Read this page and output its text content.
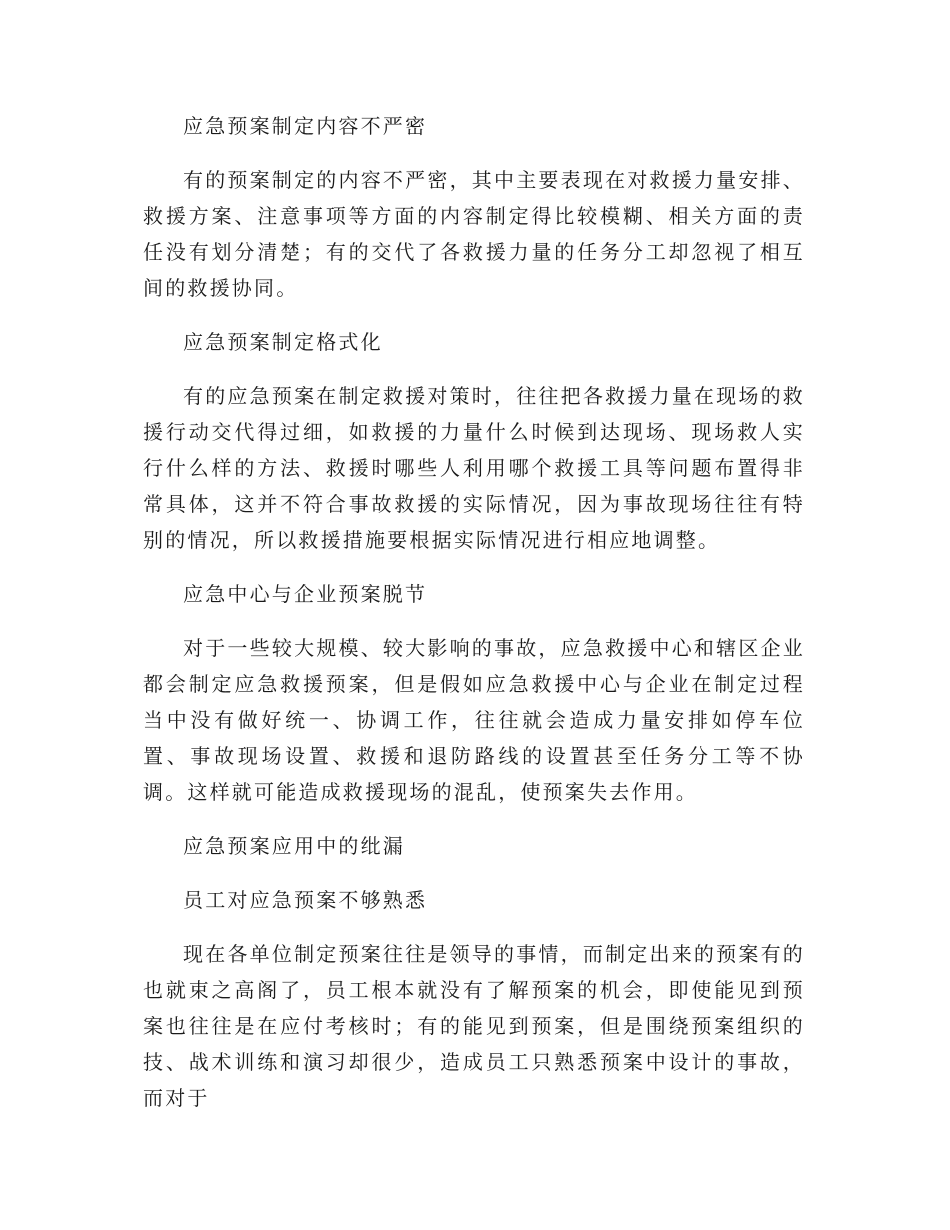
应急预案制定内容不严密

有的预案制定的内容不严密，其中主要表现在对救援力量安排、救援方案、注意事项等方面的内容制定得比较模糊、相关方面的责任没有划分清楚；有的交代了各救援力量的任务分工却忽视了相互间的救援协同。

应急预案制定格式化

有的应急预案在制定救援对策时，往往把各救援力量在现场的救援行动交代得过细，如救援的力量什么时候到达现场、现场救人实行什么样的方法、救援时哪些人利用哪个救援工具等问题布置得非常具体，这并不符合事故救援的实际情况，因为事故现场往往有特别的情况，所以救援措施要根据实际情况进行相应地调整。

应急中心与企业预案脱节

对于一些较大规模、较大影响的事故，应急救援中心和辖区企业都会制定应急救援预案，但是假如应急救援中心与企业在制定过程当中没有做好统一、协调工作，往往就会造成力量安排如停车位置、事故现场设置、救援和退防路线的设置甚至任务分工等不协调。这样就可能造成救援现场的混乱，使预案失去作用。

应急预案应用中的纰漏

员工对应急预案不够熟悉

现在各单位制定预案往往是领导的事情，而制定出来的预案有的也就束之高阁了，员工根本就没有了解预案的机会，即使能见到预案也往往是在应付考核时；有的能见到预案，但是围绕预案组织的技、战术训练和演习却很少，造成员工只熟悉预案中设计的事故，而对于
